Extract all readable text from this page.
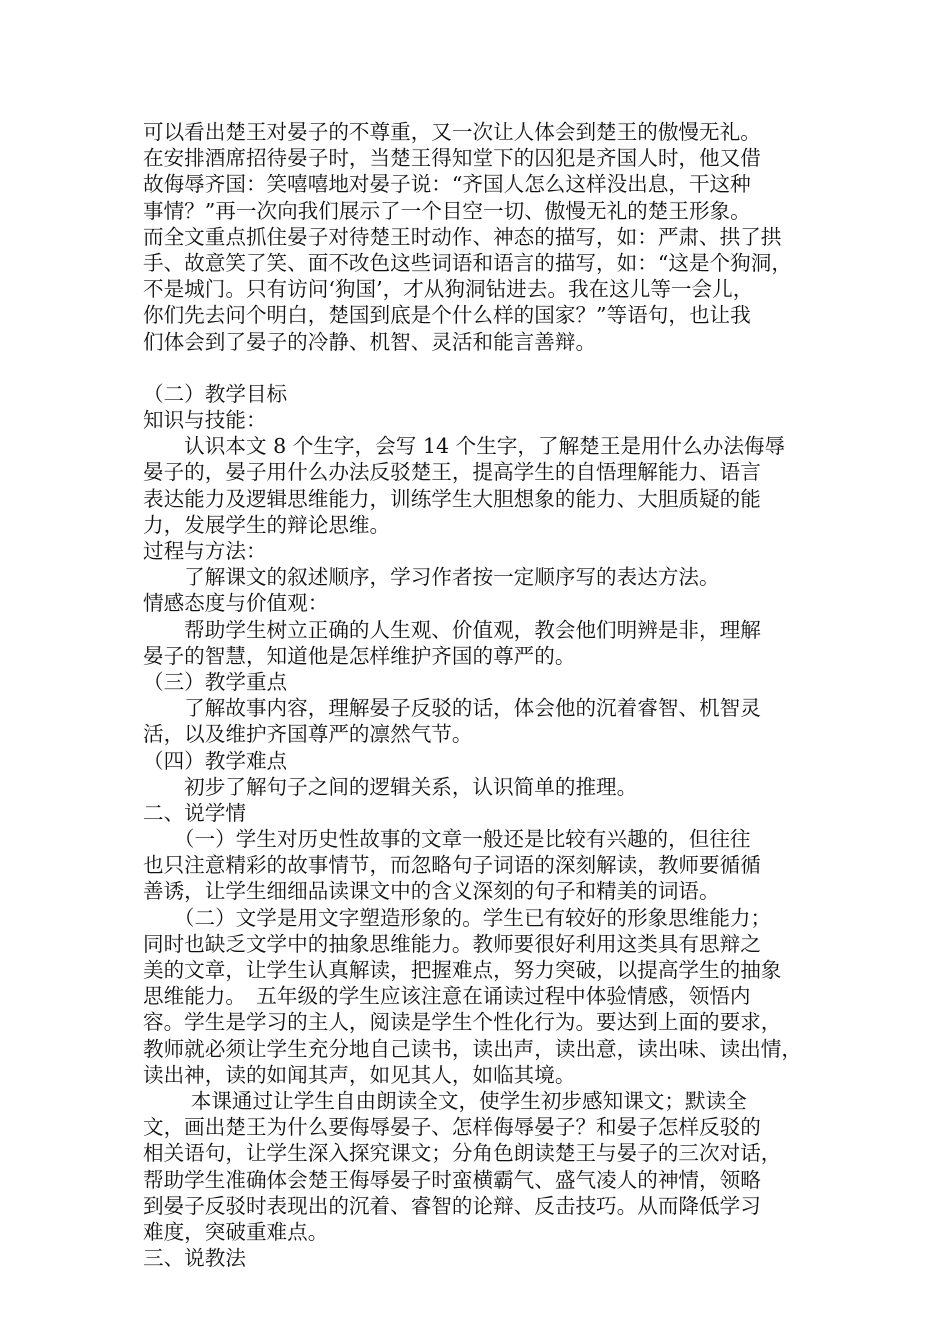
可以看出楚王对晏子的不尊重，又一次让人体会到楚王的傲慢无礼。
在安排酒席招待晏子时，当楚王得知堂下的囚犯是齐国人时，他又借
故侮辱齐国：笑嘻嘻地对晏子说：“齐国人怎么这样没出息，干这种
事情？”再一次向我们展示了一个目空一切、傲慢无礼的楚王形象。
而全文重点抓住晏子对待楚王时动作、神态的描写，如：严肃、拱了拱
手、故意笑了笑、面不改色这些词语和语言的描写，如：“这是个狗洞，
不是城门。只有访问‘狗国’，才从狗洞钻进去。我在这儿等一会儿，
你们先去问个明白，楚国到底是个什么样的国家？”等语句，也让我
们体会到了晏子的冷静、机智、灵活和能言善辩。
（二）教学目标
知识与技能：
　　认识本文 8 个生字，会写 14 个生字，了解楚王是用什么办法侮辱
晏子的，晏子用什么办法反驳楚王，提高学生的自悟理解能力、语言
表达能力及逻辑思维能力，训练学生大胆想象的能力、大胆质疑的能
力，发展学生的辩论思维。
过程与方法：
　　了解课文的叙述顺序，学习作者按一定顺序写的表达方法。
情感态度与价值观：
　　帮助学生树立正确的人生观、价值观，教会他们明辨是非，理解
晏子的智慧，知道他是怎样维护齐国的尊严的。
（三）教学重点
　　了解故事内容，理解晏子反驳的话，体会他的沉着睿智、机智灵
活，以及维护齐国尊严的凛然气节。
（四）教学难点
　　初步了解句子之间的逻辑关系，认识简单的推理。
二、说学情
　　（一）学生对历史性故事的文章一般还是比较有兴趣的，但往往
也只注意精彩的故事情节，而忽略句子词语的深刻解读，教师要循循
善诱，让学生细细品读课文中的含义深刻的句子和精美的词语。
　　（二）文学是用文字塑造形象的。学生已有较好的形象思维能力；
同时也缺乏文学中的抽象思维能力。教师要很好利用这类具有思辩之
美的文章，让学生认真解读，把握难点，努力突破，以提高学生的抽象
思维能力。　五年级的学生应该注意在诵读过程中体验情感，领悟内
容。学生是学习的主人，阅读是学生个性化行为。要达到上面的要求，
教师就必须让学生充分地自己读书，读出声，读出意，读出味、读出情，
读出神，读的如闻其声，如见其人，如临其境。
　　 本课通过让学生自由朗读全文，使学生初步感知课文；默读全
文，画出楚王为什么要侮辱晏子、怎样侮辱晏子？和晏子怎样反驳的
相关语句，让学生深入探究课文；分角色朗读楚王与晏子的三次对话，
帮助学生准确体会楚王侮辱晏子时蛮横霸气、盛气凌人的神情，领略
到晏子反驳时表现出的沉着、睿智的论辩、反击技巧。从而降低学习
难度，突破重难点。
三、说教法
